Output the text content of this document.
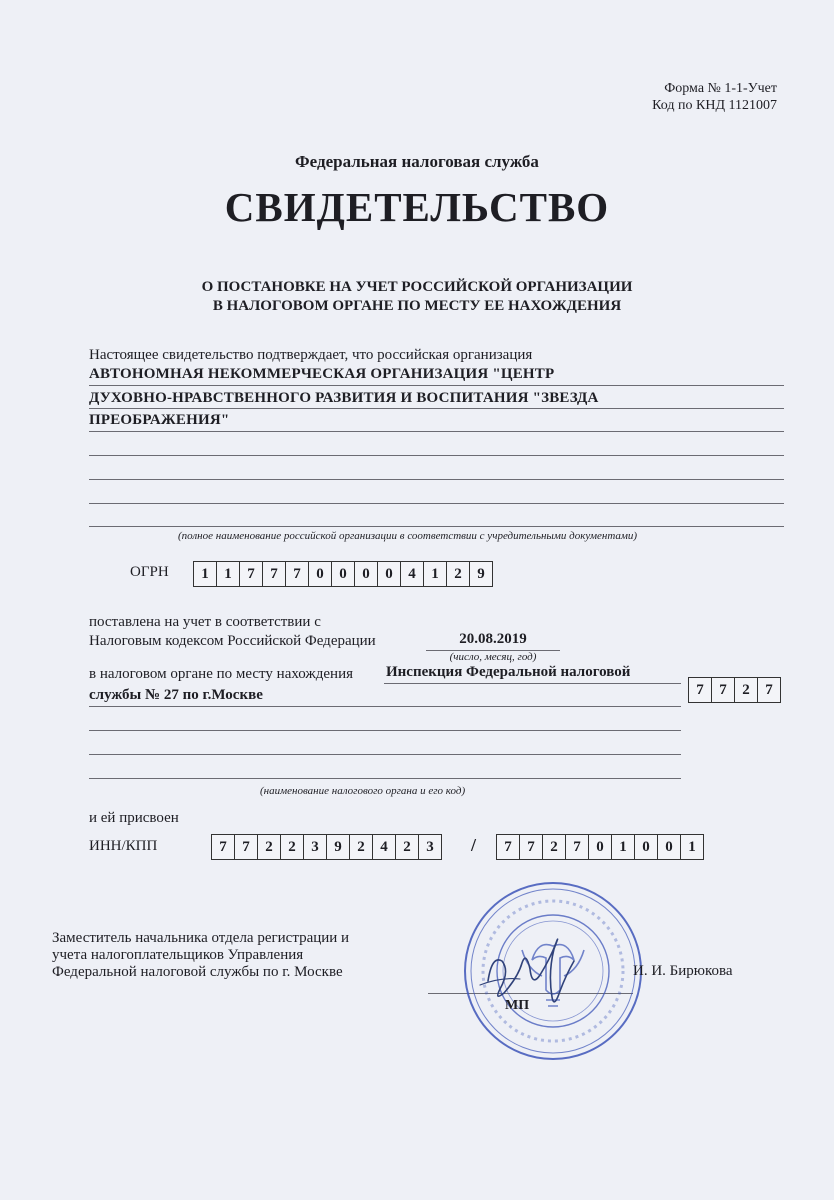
Форма № 1-1-Учет
Код по КНД 1121007
Федеральная налоговая служба
СВИДЕТЕЛЬСТВО
О ПОСТАНОВКЕ НА УЧЕТ РОССИЙСКОЙ ОРГАНИЗАЦИИ
В НАЛОГОВОМ ОРГАНЕ ПО МЕСТУ ЕЕ НАХОЖДЕНИЯ
Настоящее свидетельство подтверждает, что российская организация
АВТОНОМНАЯ НЕКОММЕРЧЕСКАЯ ОРГАНИЗАЦИЯ "ЦЕНТР
ДУХОВНО-НРАВСТВЕННОГО РАЗВИТИЯ И ВОСПИТАНИЯ "ЗВЕЗДА
ПРЕОБРАЖЕНИЯ"
(полное наименование российской организации в соответствии с учредительными документами)
ОГРН	1	1	7	7	7	0	0	0	0	4	1	2	9
поставлена на учет в соответствии с
Налоговым кодексом Российской Федерации	20.08.2019
(число, месяц, год)
в налоговом органе по месту нахождения Инспекция Федеральной налоговой
службы № 27 по г.Москве	7	7	2	7
(наименование налогового органа и его код)
и ей присвоен
ИНН/КПП	7	7	2	2	3	9	2	4	2	3	/	7	7	2	7	0	1	0	0	1
Заместитель начальника отдела регистрации и
учета налогоплательщиков Управления
Федеральной налоговой службы по г. Москве
МП
И. И. Бирюкова
